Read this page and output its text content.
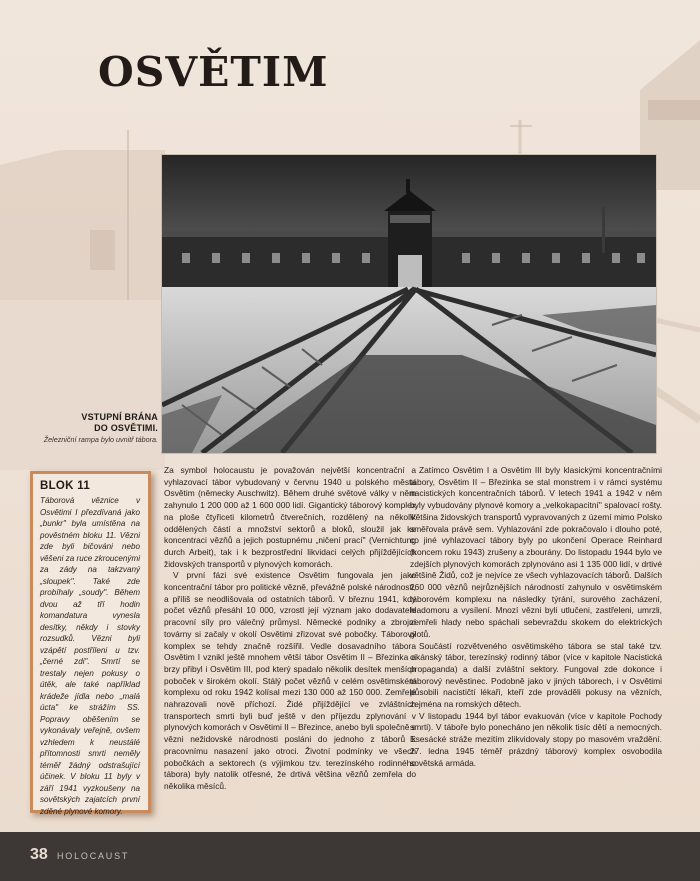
OSVĚTIM
VSTUPNÍ BRÁNA
DO OSVĚTIMI.
Železniční rampa bylo uvnitř tábora.
BLOK 11

Táborová věznice v Osvětimi I přezdívaná jako „bunkr" byla umístěna na pověstném bloku 11. Vězni zde byli bičováni nebo věšeni za ruce zkroucenými za zády na takzvaný „sloupek". Také zde probíhaly „soudy". Během dvou až tří hodin komandatura vynesla desítky, někdy i stovky rozsudků. Vězni byli vzápětí postříleni u tzv. „černé zdi". Smrtí se trestaly nejen pokusy o útěk, ale také například krádeže jídla nebo „malá úcta" ke strážím SS. Popravy oběšením se vykonávaly veřejně, ovšem vzhledem k neustálé přítomnosti smrti neměly téměř žádný odstrašující účinek. V bloku 11 byly v září 1941 vyzkoušeny na sovětských zajatcích první zděné plynové komory.

Za symbol holocaustu je považován největší koncentrační a vyhlazovací tábor vybudovaný v červnu 1940 u polského města Osvětim (německy Auschwitz). Během druhé světové války v něm zahynulo 1 200 000 až 1 600 000 lidí. Gigantický táborový komplex na ploše čtyřiceti kilometrů čtverečních, rozdělený na několik oddělených částí a množství sektorů a bloků, sloužil jak ke koncentraci vězňů a jejich postupnému „ničení prací" (Vernichtung durch Arbeit), tak i k bezprostřední likvidaci celých přijíždějících židovských transportů v plynových komorách.

V první fázi své existence Osvětim fungovala jen jako koncentrační tábor pro politické vězně, převážně polské národnosti, a příliš se neodlišovala od ostatních táborů. V březnu 1941, kdy počet vězňů přesáhl 10 000, vzrostl její význam jako dodavatele pracovní síly pro válečný průmysl. Německé podniky a zbrojní továrny si začaly v okolí Osvětimi zřizovat své pobočky. Táborový komplex se tehdy značně rozšířil. Vedle dosavadního tábora Osvětim I vznikl ještě mnohem větší tábor Osvětim II – Březinka a brzy přibyl i Osvětim III, pod který spadalo několik desítek menších poboček v širokém okolí. Stálý počet vězňů v celém osvětimském komplexu od roku 1942 kolísal mezi 130 000 až 150 000. Zemřelé nahrazovali nově příchozí. Židé přijíždějící ve zvláštních transportech smrti byli buď ještě v den příjezdu zplynování v plynových komorách v Osvětimi II – Březince, anebo byli společně s vězni nežidovské národnosti posláni do jednoho z táborů k pracovnímu nasazení jako otroci. Životní podmínky ve všech pobočkách a sektorech (s výjimkou tzv. terezínského rodinného tábora) byly natolik otřesné, že drtivá většina vězňů zemřela do několika měsíců.

Zatímco Osvětim I a Osvětim III byly klasickými koncentračními tábory, Osvětim II – Březinka se stal monstrem i v rámci systému nacistických koncentračních táborů. V letech 1941 a 1942 v něm byly vybudovány plynové komory a „velkokapacitní" spalovací rošty. Většina židovských transportů vypravovaných z území mimo Polsko směřovala právě sem. Vyhlazování zde pokračovalo i dlouho poté, co jiné vyhlazovací tábory byly po ukončení Operace Reinhard (koncem roku 1943) zrušeny a zbourány. Do listopadu 1944 bylo ve zdejších plynových komorách zplynováno asi 1 135 000 lidí, v drtivé většině Židů, což je nejvíce ze všech vyhlazovacích táborů. Dalších 260 000 vězňů nejrůznějších národností zahynulo v osvětimském táborovém komplexu na následky týrání, surového zacházení, hladomoru a vysílení. Mnozí vězni byli utlučeni, zastřeleni, umrzli, zemřeli hlady nebo spáchali sebevraždu skokem do elektrických plotů.

Součástí rozvětveného osvětimského tábora se stal také tzv. cikánský tábor, terezínský rodinný tábor (více v kapitole Nacistická propaganda) a další zvláštní sektory. Fungoval zde dokonce i táborový nevěstinec. Podobně jako v jiných táborech, i v Osvětimi působili nacističtí lékaři, kteří zde prováděli pokusy na vězních, zejména na romských dětech.

V listopadu 1944 byl tábor evakuován (více v kapitole Pochody smrti). V táboře bylo ponecháno jen několik tisíc dětí a nemocných. Esesácké stráže mezitím zlikvidovaly stopy po masovém vraždění. 27. ledna 1945 téměř prázdný táborový komplex osvobodila sovětská armáda.

38 HOLOCAUST
